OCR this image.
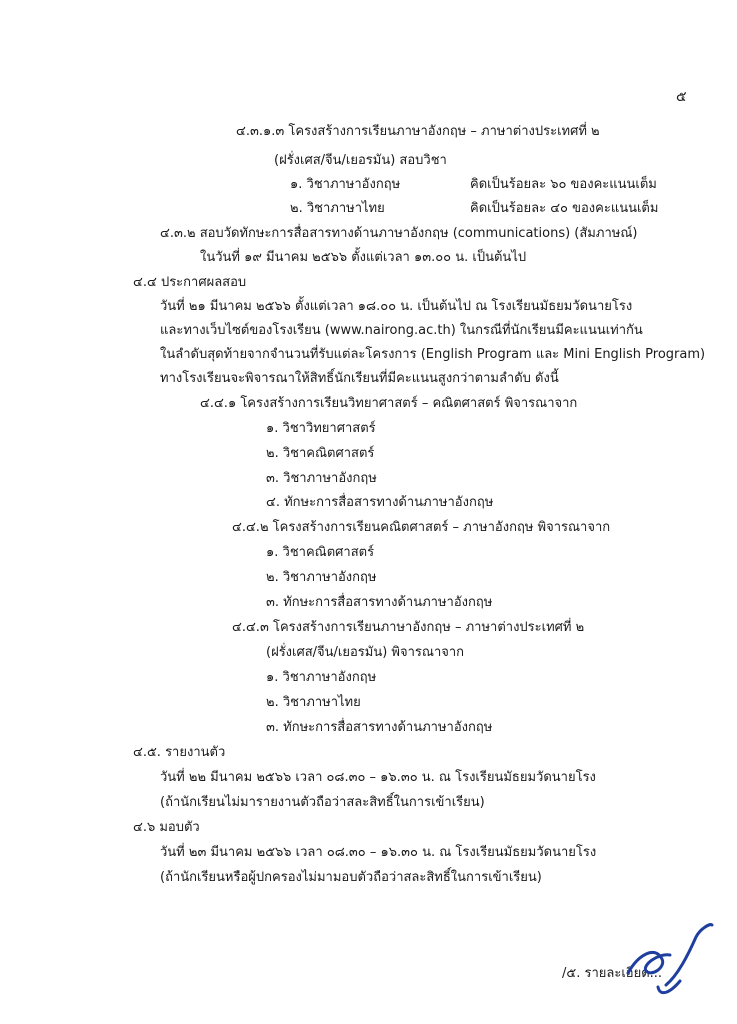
๕
๔.๓.๑.๓ โครงสร้างการเรียนภาษาอังกฤษ – ภาษาต่างประเทศที่ ๒
(ฝรั่งเศส/จีน/เยอรมัน) สอบวิชา
๑. วิชาภาษาอังกฤษ	คิดเป็นร้อยละ ๖๐ ของคะแนนเต็ม
๒. วิชาภาษาไทย	คิดเป็นร้อยละ ๔๐ ของคะแนนเต็ม
๔.๓.๒ สอบวัดทักษะการสื่อสารทางด้านภาษาอังกฤษ (communications) (สัมภาษณ์)
ในวันที่ ๑๙ มีนาคม ๒๕๖๖ ตั้งแต่เวลา ๑๓.๐๐ น. เป็นต้นไป
๔.๔ ประกาศผลสอบ
วันที่ ๒๑ มีนาคม ๒๕๖๖ ตั้งแต่เวลา ๑๘.๐๐ น. เป็นต้นไป ณ โรงเรียนมัธยมวัดนายโรง
และทางเว็บไซต์ของโรงเรียน (www.nairong.ac.th) ในกรณีที่นักเรียนมีคะแนนเท่ากัน
ในลำดับสุดท้ายจากจำนวนที่รับแต่ละโครงการ (English Program และ Mini English Program)
ทางโรงเรียนจะพิจารณาให้สิทธิ์นักเรียนที่มีคะแนนสูงกว่าตามลำดับ ดังนี้
๔.๔.๑ โครงสร้างการเรียนวิทยาศาสตร์ – คณิตศาสตร์ พิจารณาจาก
๑. วิชาวิทยาศาสตร์
๒. วิชาคณิตศาสตร์
๓. วิชาภาษาอังกฤษ
๔. ทักษะการสื่อสารทางด้านภาษาอังกฤษ
๔.๔.๒ โครงสร้างการเรียนคณิตศาสตร์ – ภาษาอังกฤษ พิจารณาจาก
๑. วิชาคณิตศาสตร์
๒. วิชาภาษาอังกฤษ
๓. ทักษะการสื่อสารทางด้านภาษาอังกฤษ
๔.๔.๓ โครงสร้างการเรียนภาษาอังกฤษ – ภาษาต่างประเทศที่ ๒
(ฝรั่งเศส/จีน/เยอรมัน) พิจารณาจาก
๑. วิชาภาษาอังกฤษ
๒. วิชาภาษาไทย
๓. ทักษะการสื่อสารทางด้านภาษาอังกฤษ
๔.๕. รายงานตัว
วันที่ ๒๒ มีนาคม ๒๕๖๖ เวลา ๐๘.๓๐ – ๑๖.๓๐ น. ณ โรงเรียนมัธยมวัดนายโรง
(ถ้านักเรียนไม่มารายงานตัวถือว่าสละสิทธิ์ในการเข้าเรียน)
๔.๖ มอบตัว
วันที่ ๒๓ มีนาคม ๒๕๖๖ เวลา ๐๘.๓๐ – ๑๖.๓๐ น. ณ โรงเรียนมัธยมวัดนายโรง
(ถ้านักเรียนหรือผู้ปกครองไม่มามอบตัวถือว่าสละสิทธิ์ในการเข้าเรียน)
/๕. รายละเอียด...
